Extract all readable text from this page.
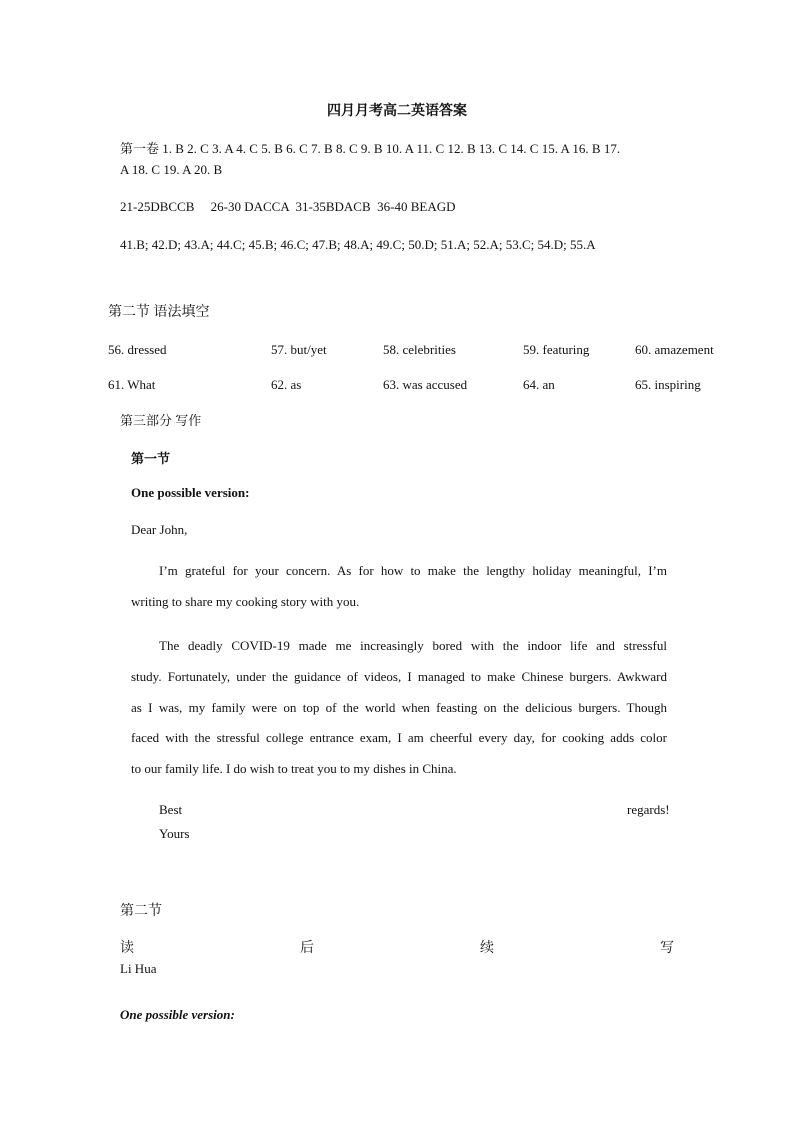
四月月考高二英语答案
第一卷 1. B 2. C 3. A 4. C 5. B 6. C 7. B 8. C 9. B 10. A 11. C 12. B 13. C 14. C 15. A 16. B 17.
A 18. C 19. A 20. B
21-25DBCCB     26-30 DACCA  31-35BDACB  36-40 BEAGD
41.B; 42.D; 43.A; 44.C; 45.B; 46.C; 47.B; 48.A; 49.C; 50.D; 51.A; 52.A; 53.C; 54.D; 55.A
第二节 语法填空
56. dressed	57. but/yet	58. celebrities	59. featuring	60. amazement
61. What	62. as	63. was accused	64. an	65. inspiring
第三部分 写作
第一节
One possible version:
Dear John,
I’m grateful for your concern. As for how to make the lengthy holiday meaningful, I’m
writing to share my cooking story with you.
The deadly COVID-19 made me increasingly bored with the indoor life and stressful
study. Fortunately, under the guidance of videos, I managed to make Chinese burgers. Awkward
as I was, my family were on top of the world when feasting on the delicious burgers. Though
faced with the stressful college entrance exam, I am cheerful every day, for cooking adds color
to our family life. I do wish to treat you to my dishes in China.
Best	regards!
Yours
第二节
读	后	续	写
Li Hua
One possible version:
